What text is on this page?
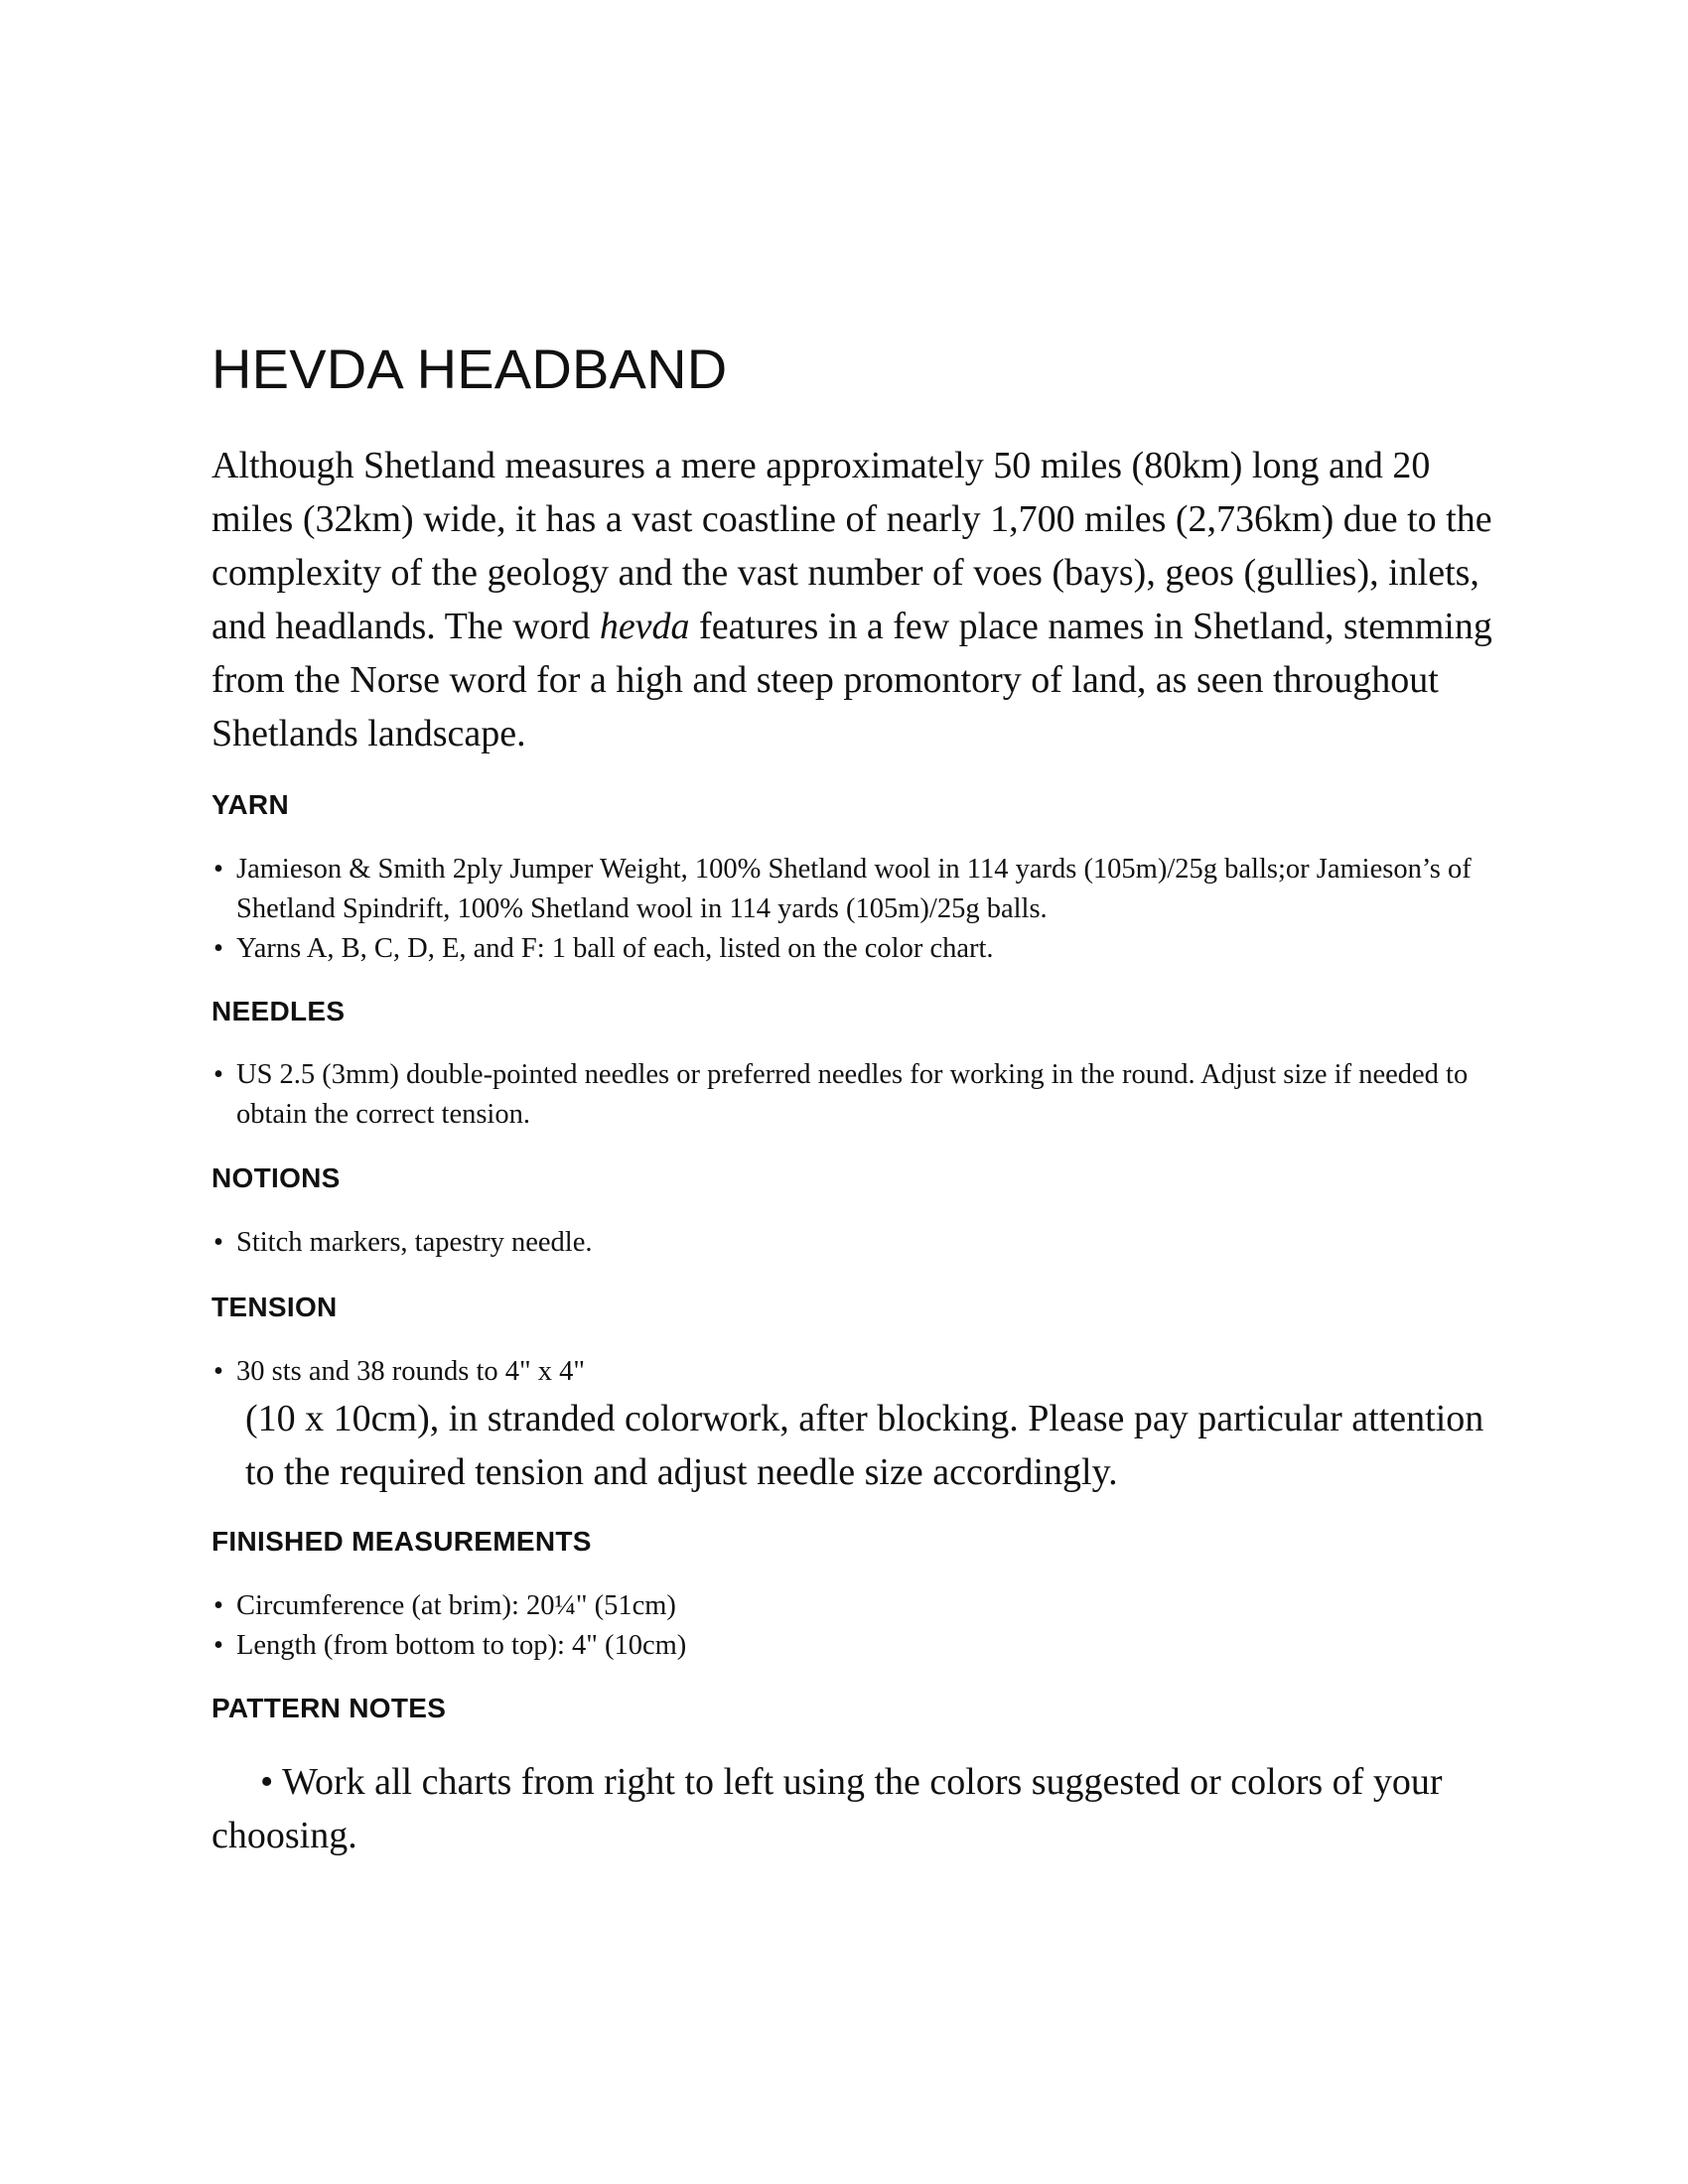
HEVDA HEADBAND

Although Shetland measures a mere approximately 50 miles (80km) long and 20 miles (32km) wide, it has a vast coastline of nearly 1,700 miles (2,736km) due to the complexity of the geology and the vast number of voes (bays), geos (gullies), inlets, and headlands. The word hevda features in a few place names in Shetland, stemming from the Norse word for a high and steep promontory of land, as seen throughout Shetlands landscape.

YARN
• Jamieson & Smith 2ply Jumper Weight, 100% Shetland wool in 114 yards (105m)/25g balls;or Jamieson’s of Shetland Spindrift, 100% Shetland wool in 114 yards (105m)/25g balls.
• Yarns A, B, C, D, E, and F: 1 ball of each, listed on the color chart.
NEEDLES
• US 2.5 (3mm) double-pointed needles or preferred needles for working in the round. Adjust size if needed to obtain the correct tension.
NOTIONS
• Stitch markers, tapestry needle.
TENSION
• 30 sts and 38 rounds to 4" x 4"

(10 x 10cm), in stranded colorwork, after blocking. Please pay particular attention to the required tension and adjust needle size accordingly.

FINISHED MEASUREMENTS
• Circumference (at brim): 20¼" (51cm)
• Length (from bottom to top): 4" (10cm)
PATTERN NOTES

• Work all charts from right to left using the colors suggested or colors of your choosing.
